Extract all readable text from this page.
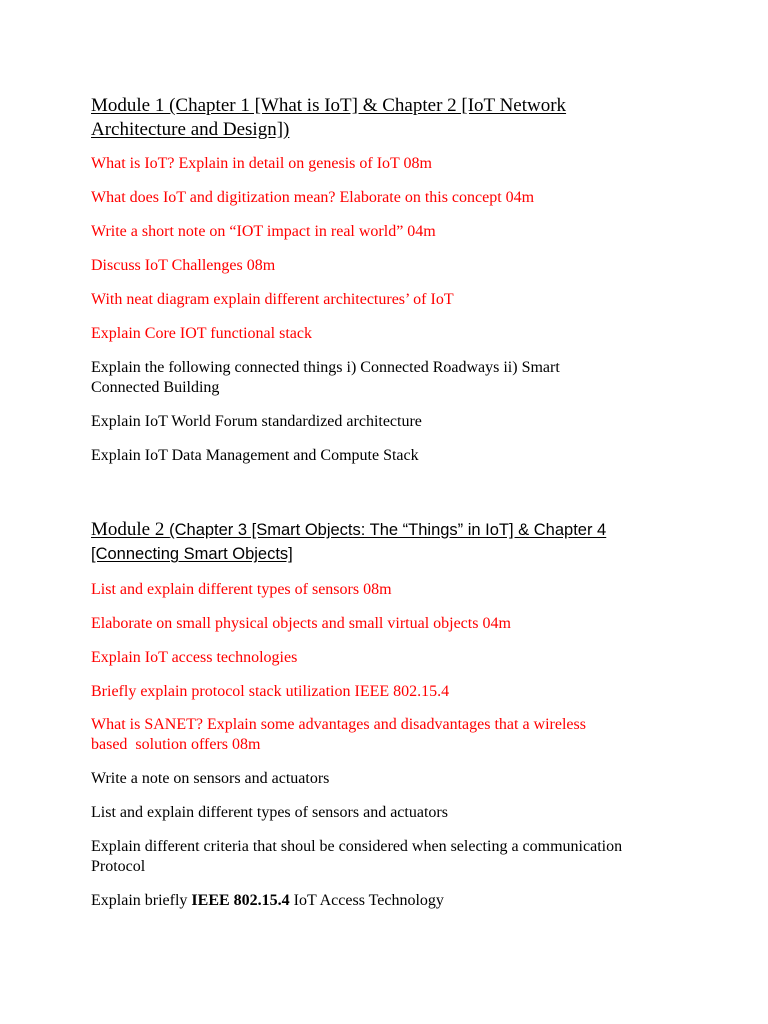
Module 1 (Chapter 1 [What is IoT] & Chapter 2 [IoT Network
Architecture and Design])

What is IoT? Explain in detail on genesis of IoT 08m

What does IoT and digitization mean? Elaborate on this concept 04m

Write a short note on “IOT impact in real world” 04m

Discuss IoT Challenges 08m

With neat diagram explain different architectures’ of IoT

Explain Core IOT functional stack

Explain the following connected things i) Connected Roadways ii) Smart
Connected Building

Explain IoT World Forum standardized architecture

Explain IoT Data Management and Compute Stack

Module 2 (Chapter 3 [Smart Objects: The “Things” in IoT] & Chapter 4
[Connecting Smart Objects]

List and explain different types of sensors 08m

Elaborate on small physical objects and small virtual objects 04m

Explain IoT access technologies

Briefly explain protocol stack utilization IEEE 802.15.4

What is SANET? Explain some advantages and disadvantages that a wireless
based  solution offers 08m

Write a note on sensors and actuators

List and explain different types of sensors and actuators

Explain different criteria that shoul be considered when selecting a communication
Protocol

Explain briefly IEEE 802.15.4 IoT Access Technology
